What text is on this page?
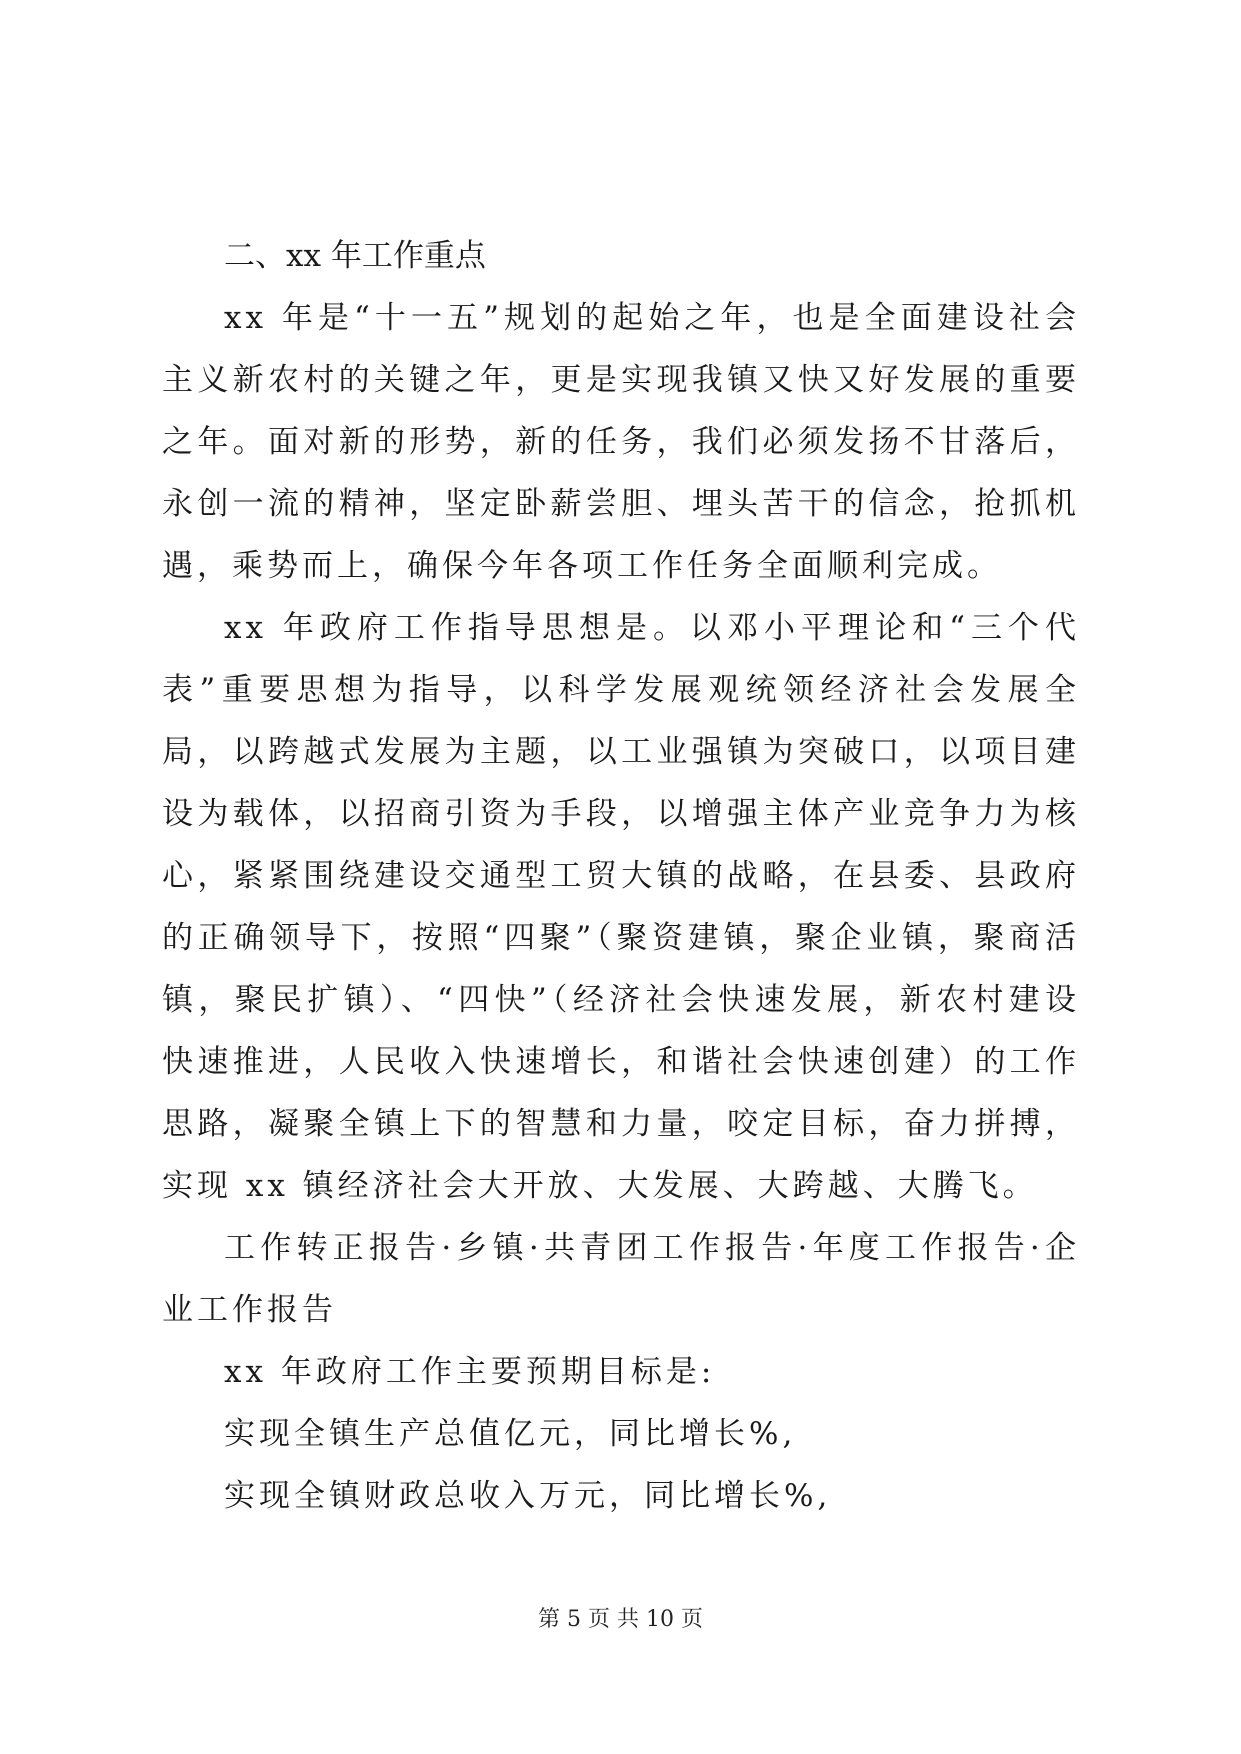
二、xx 年工作重点

xx 年是“十一五”规划的起始之年，也是全面建设社会主义新农村的关键之年，更是实现我镇又快又好发展的重要之年。面对新的形势，新的任务，我们必须发扬不甘落后，永创一流的精神，坚定卧薪尝胆、埋头苦干的信念，抢抓机遇，乘势而上，确保今年各项工作任务全面顺利完成。

xx 年政府工作指导思想是。以邓小平理论和“三个代表”重要思想为指导，以科学发展观统领经济社会发展全局，以跨越式发展为主题，以工业强镇为突破口，以项目建设为载体，以招商引资为手段，以增强主体产业竞争力为核心，紧紧围绕建设交通型工贸大镇的战略，在县委、县政府的正确领导下，按照“四聚”（聚资建镇，聚企业镇，聚商活镇，聚民扩镇）、“四快”（经济社会快速发展，新农村建设快速推进，人民收入快速增长，和谐社会快速创建）的工作思路，凝聚全镇上下的智慧和力量，咬定目标，奋力拼搏，实现 xx 镇经济社会大开放、大发展、大跨越、大腾飞。

工作转正报告·乡镇·共青团工作报告·年度工作报告·企业工作报告

xx 年政府工作主要预期目标是:

实现全镇生产总值亿元，同比增长%,

实现全镇财政总收入万元，同比增长%,

第 5 页 共 10 页
